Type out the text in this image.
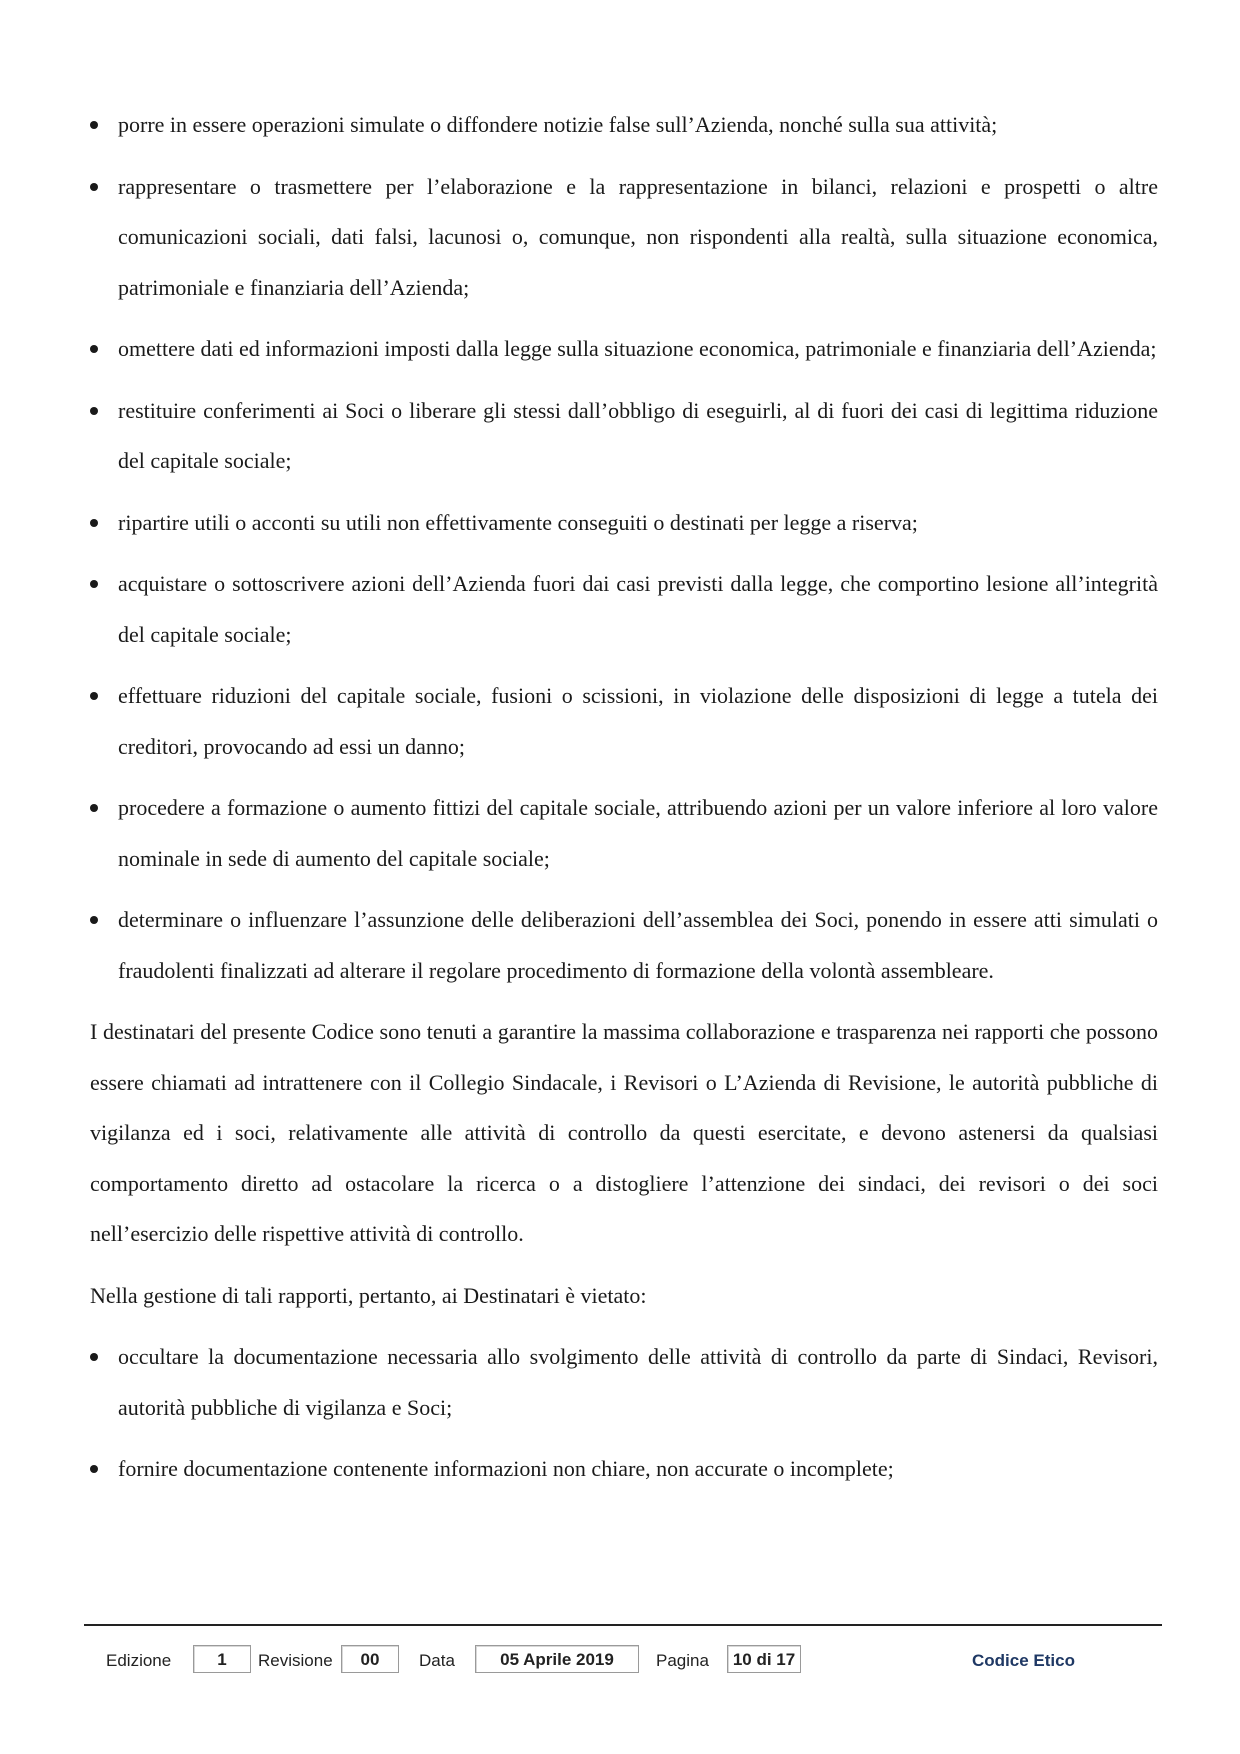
porre in essere operazioni simulate o diffondere notizie false sull’Azienda, nonché sulla sua attività;
rappresentare o trasmettere per l’elaborazione e la rappresentazione in bilanci, relazioni e prospetti o altre comunicazioni sociali, dati falsi, lacunosi o, comunque, non rispondenti alla realtà, sulla situazione economica, patrimoniale e finanziaria dell’Azienda;
omettere dati ed informazioni imposti dalla legge sulla situazione economica, patrimoniale e finanziaria dell’Azienda;
restituire conferimenti ai Soci o liberare gli stessi dall’obbligo di eseguirli, al di fuori dei casi di legittima riduzione del capitale sociale;
ripartire utili o acconti su utili non effettivamente conseguiti o destinati per legge a riserva;
acquistare o sottoscrivere azioni dell’Azienda fuori dai casi previsti dalla legge, che comportino lesione all’integrità del capitale sociale;
effettuare riduzioni del capitale sociale, fusioni o scissioni, in violazione delle disposizioni di legge a tutela dei creditori, provocando ad essi un danno;
procedere a formazione o aumento fittizi del capitale sociale, attribuendo azioni per un valore inferiore al loro valore nominale in sede di aumento del capitale sociale;
determinare o influenzare l’assunzione delle deliberazioni dell’assemblea dei Soci, ponendo in essere atti simulati o fraudolenti finalizzati ad alterare il regolare procedimento di formazione della volontà assembleare.

I destinatari del presente Codice sono tenuti a garantire la massima collaborazione e trasparenza nei rapporti che possono essere chiamati ad intrattenere con il Collegio Sindacale, i Revisori o L’Azienda di Revisione, le autorità pubbliche di vigilanza ed i soci, relativamente alle attività di controllo da questi esercitate, e devono astenersi da qualsiasi comportamento diretto ad ostacolare la ricerca o a distogliere l’attenzione dei sindaci, dei revisori o dei soci nell’esercizio delle rispettive attività di controllo.

Nella gestione di tali rapporti, pertanto, ai Destinatari è vietato:

occultare la documentazione necessaria allo svolgimento delle attività di controllo da parte di Sindaci, Revisori, autorità pubbliche di vigilanza e Soci;
fornire documentazione contenente informazioni non chiare, non accurate o incomplete;
Edizione	1	Revisione	00	Data	05 Aprile 2019	Pagina	10 di 17	Codice Etico
